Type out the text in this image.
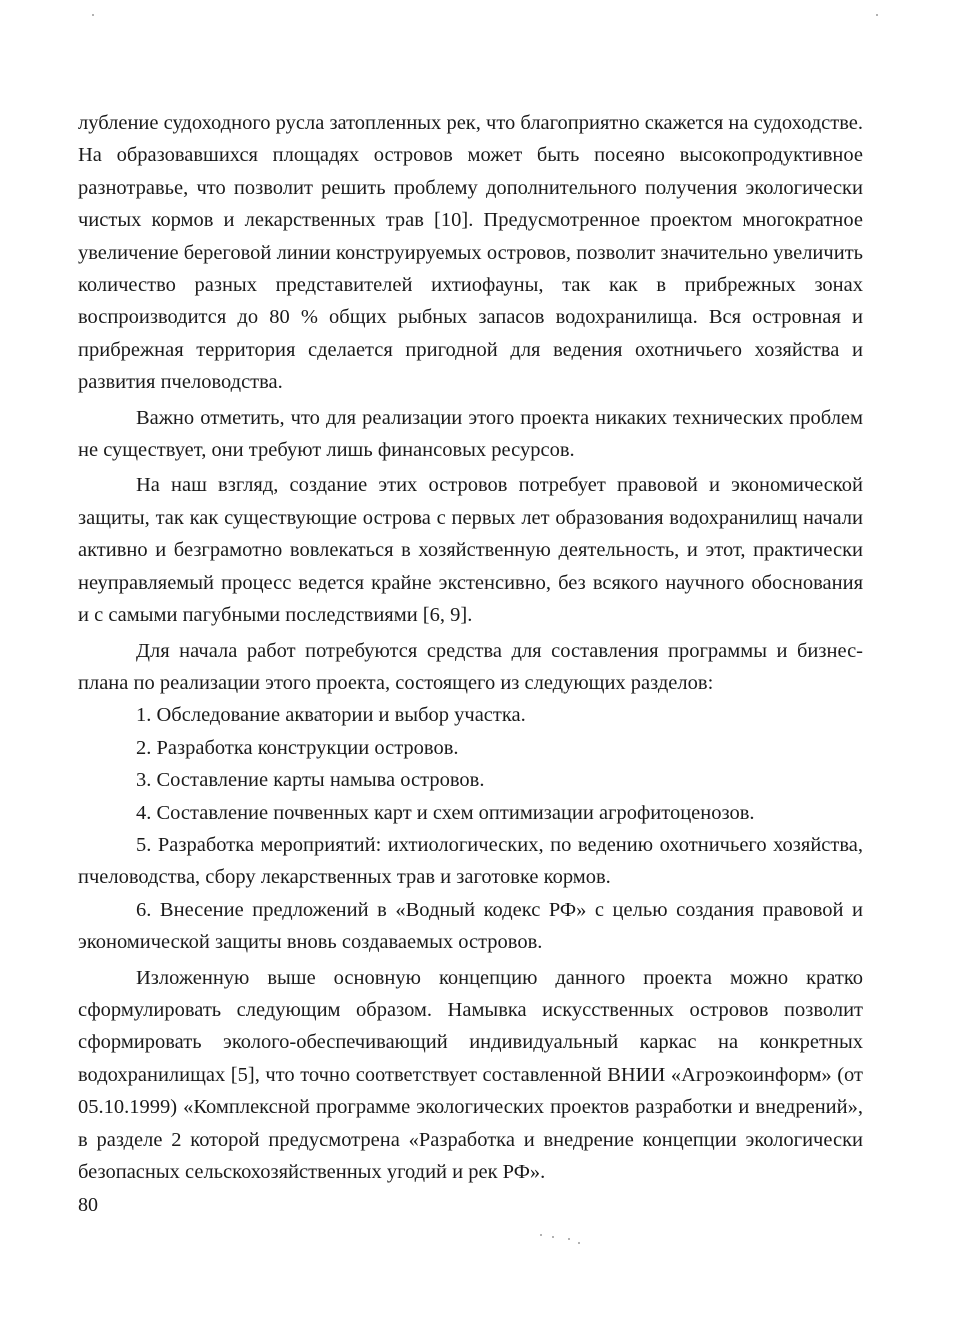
лубление судоходного русла затопленных рек, что благоприятно скажется на судоходстве. На образовавшихся площадях островов может быть посеяно высокопродуктивное разнотравье, что позволит решить проблему дополнительного получения экологически чистых кормов и лекарственных трав [10]. Предусмотренное проектом многократное увеличение береговой линии конструируемых островов, позволит значительно увеличить количество разных представителей ихтиофауны, так как в прибрежных зонах воспроизводится до 80 % общих рыбных запасов водохранилища. Вся островная и прибрежная территория сделается пригодной для ведения охотничьего хозяйства и развития пчеловодства.

Важно отметить, что для реализации этого проекта никаких технических проблем не существует, они требуют лишь финансовых ресурсов.

На наш взгляд, создание этих островов потребует правовой и экономической защиты, так как существующие острова с первых лет образования водохранилищ начали активно и безграмотно вовлекаться в хозяйственную деятельность, и этот, практически неуправляемый процесс ведется крайне экстенсивно, без всякого научного обоснования и с самыми пагубными последствиями [6, 9].

Для начала работ потребуются средства для составления программы и бизнес-плана по реализации этого проекта, состоящего из следующих разделов:

1. Обследование акватории и выбор участка.

2. Разработка конструкции островов.

3. Составление карты намыва островов.

4. Составление почвенных карт и схем оптимизации агрофитоценозов.

5. Разработка мероприятий: ихтиологических, по ведению охотничьего хозяйства, пчеловодства, сбору лекарственных трав и заготовке кормов.

6. Внесение предложений в «Водный кодекс РФ» с целью создания правовой и экономической защиты вновь создаваемых островов.

Изложенную выше основную концепцию данного проекта можно кратко сформулировать следующим образом. Намывка искусственных островов позволит сформировать эколого-обеспечивающий индивидуальный каркас на конкретных водохранилищах [5], что точно соответствует составленной ВНИИ «Агроэкоинформ» (от 05.10.1999) «Комплексной программе экологических проектов разработки и внедрений», в разделе 2 которой предусмотрена «Разработка и внедрение концепции экологически безопасных сельскохозяйственных угодий и рек РФ».

80
